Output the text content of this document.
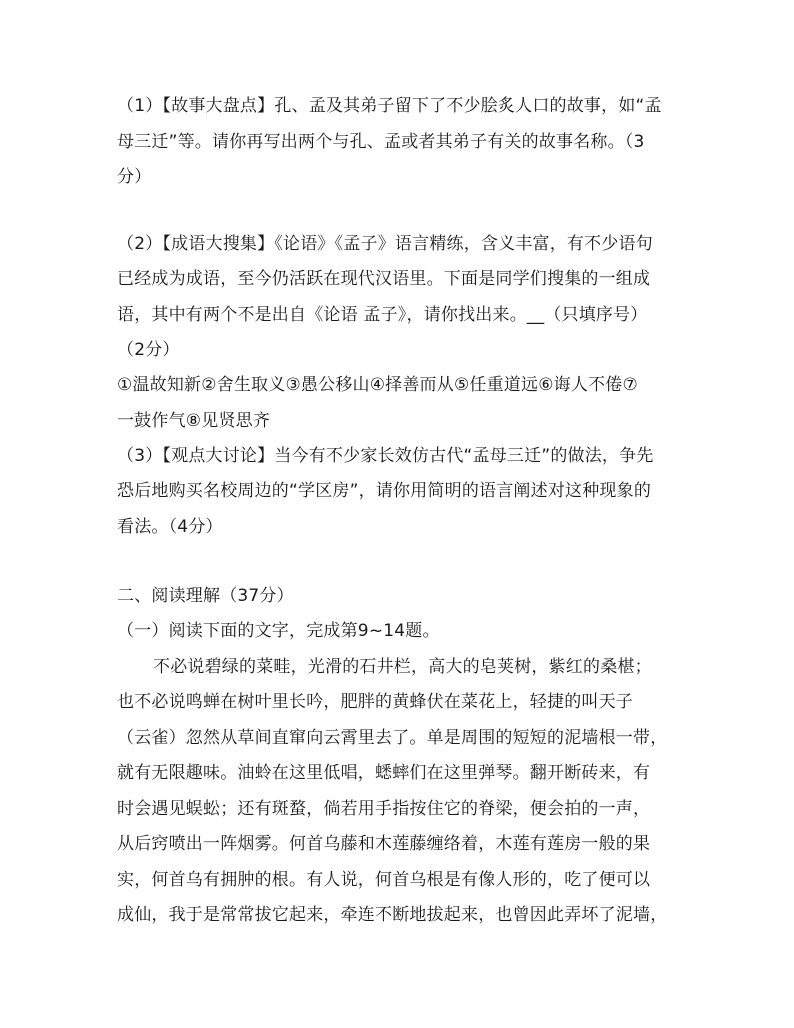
（1）【故事大盘点】孔、孟及其弟子留下了不少脍炙人口的故事，如“孟
母三迁”等。请你再写出两个与孔、孟或者其弟子有关的故事名称。（3
分）
（2）【成语大搜集】《论语》《孟子》语言精练，含义丰富，有不少语句
已经成为成语，至今仍活跃在现代汉语里。下面是同学们搜集的一组成
语，其中有两个不是出自《论语 孟子》，请你找出来。__（只填序号）
（2分）
①温故知新②舍生取义③愚公移山④择善而从⑤任重道远⑥诲人不倦⑦
一鼓作气⑧见贤思齐
（3）【观点大讨论】当今有不少家长效仿古代“孟母三迁”的做法，争先
恐后地购买名校周边的“学区房”，请你用简明的语言阐述对这种现象的
看法。（4分）
二、阅读理解（37分）
（一）阅读下面的文字，完成第9~14题。
不必说碧绿的菜畦，光滑的石井栏，高大的皂荚树，紫红的桑椹；
也不必说鸣蝉在树叶里长吟，肥胖的黄蜂伏在菜花上，轻捷的叫天子
（云雀）忽然从草间直窜向云霄里去了。单是周围的短短的泥墙根一带，
就有无限趣味。油蛉在这里低唱，蟋蟀们在这里弹琴。翻开断砖来，有
时会遇见蜈蚣；还有斑蝥，倘若用手指按住它的脊梁，便会拍的一声，
从后窍喷出一阵烟雾。何首乌藤和木莲藤缠络着，木莲有莲房一般的果
实，何首乌有拥肿的根。有人说，何首乌根是有像人形的，吃了便可以
成仙，我于是常常拔它起来，牵连不断地拔起来，也曾因此弄坏了泥墙，
